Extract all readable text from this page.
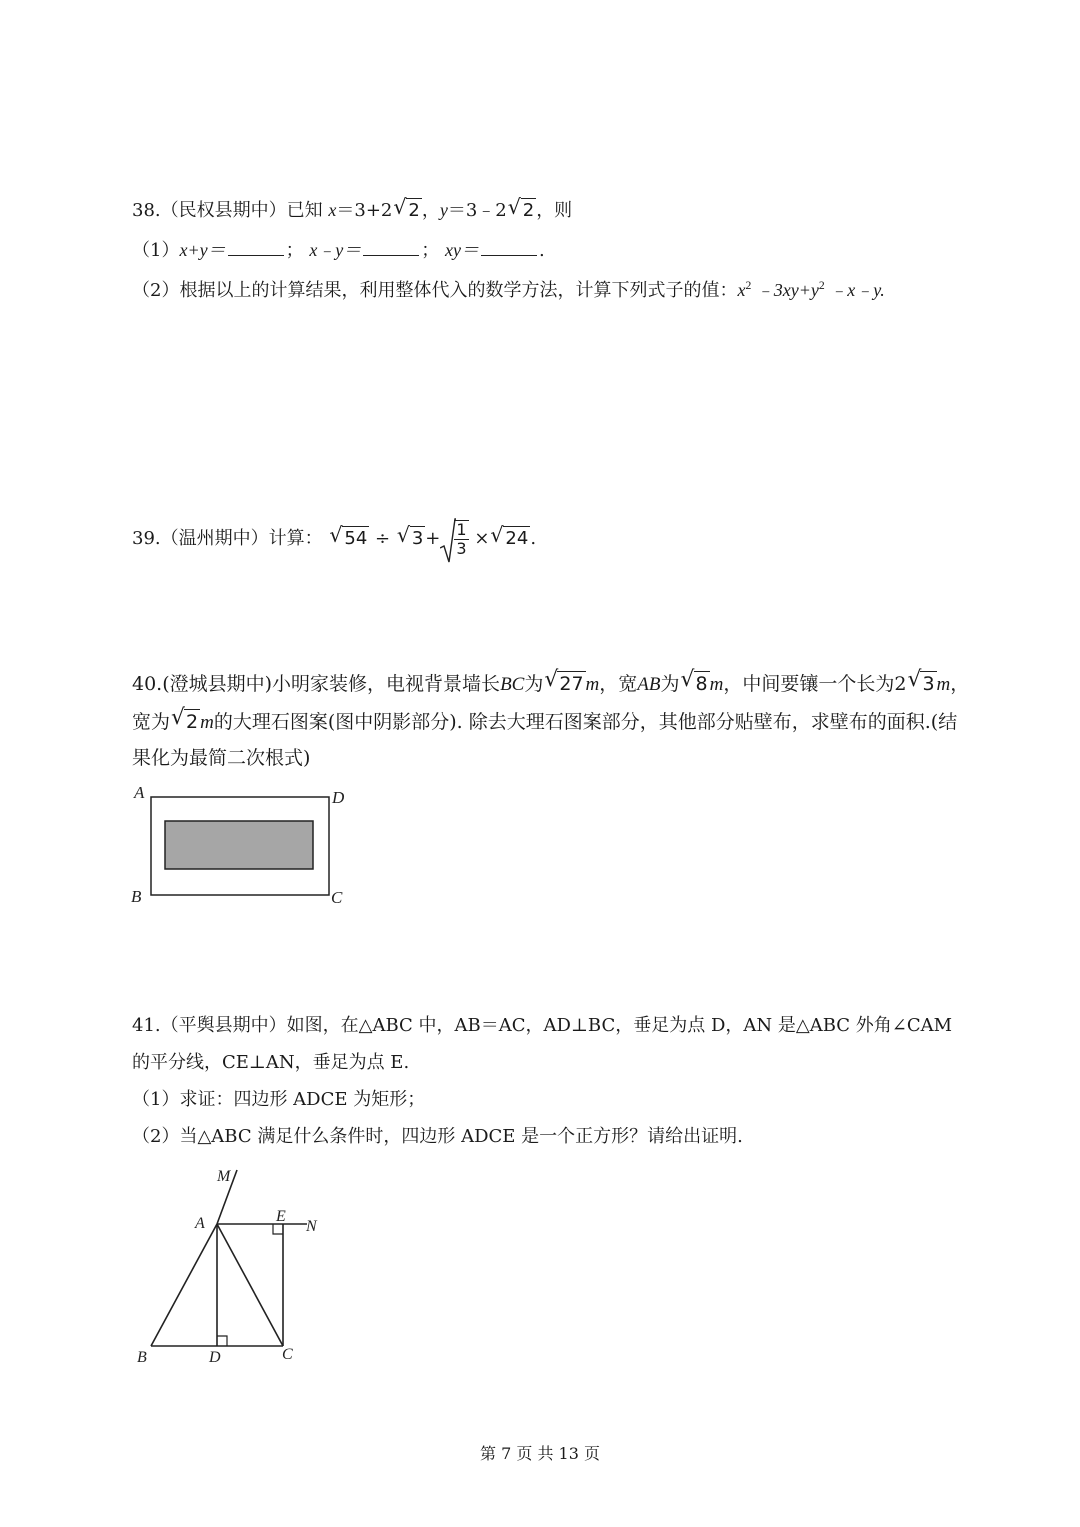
38.（民权县期中）已知 x＝3+2 √ 2 ，y＝3﹣2 √ 2 ，则
（1）x+y＝	； x﹣y＝	； xy＝	.
（2）根据以上的计算结果，利用整体代入的数学方法，计算下列式子的值：$x^2$ $﹣3xy+y^2$ ﹣x﹣y.
39.（温州期中）计算： √ 54 ÷ √ $3 + \frac{1}{3}$ × √ 24 .
40.(澄城县期中)小明家装修，电视背景墙长BC为 √ 27 m，宽AB为 √ 8 m，中间要镶一个长为2 √ 3 m，
宽为 √ 2 m的大理石图案(图中阴影部分). 除去大理石图案部分，其他部分贴壁布，求壁布的面积.(结
果化为最简二次根式)
A	D
B	C
41.（平舆县期中）如图，在△ABC 中，AB＝AC，AD⊥BC，垂足为点 D，AN 是△ABC 外角∠CAM
的平分线，CE⊥AN，垂足为点 E.
（1）求证：四边形 ADCE 为矩形；
（2）当△ABC 满足什么条件时，四边形 ADCE 是一个正方形？请给出证明.
M
A	E
N
B	D	C
第 7 页 共 13 页
